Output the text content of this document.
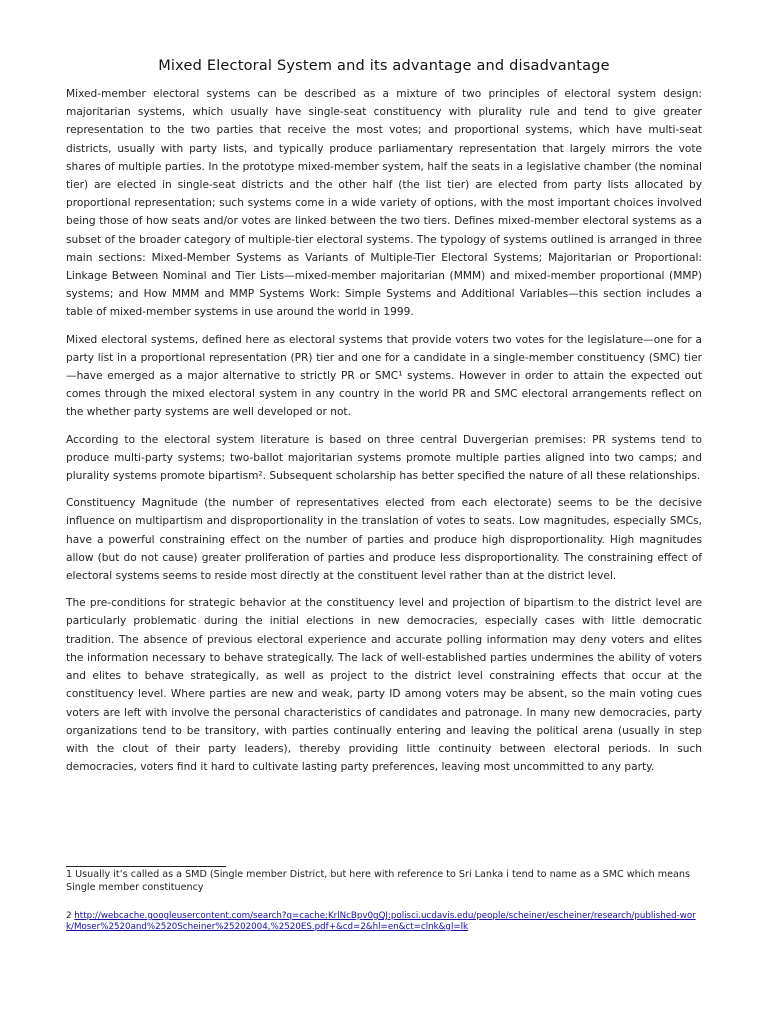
Mixed Electoral System and its advantage and disadvantage

Mixed-member electoral systems can be described as a mixture of two principles of electoral system design: majoritarian systems, which usually have single-seat constituency with plurality rule and tend to give greater representation to the two parties that receive the most votes; and proportional systems, which have multi-seat districts, usually with party lists, and typically produce parliamentary representation that largely mirrors the vote shares of multiple parties. In the prototype mixed-member system, half the seats in a legislative chamber (the nominal tier) are elected in single-seat districts and the other half (the list tier) are elected from party lists allocated by proportional representation; such systems come in a wide variety of options, with the most important choices involved being those of how seats and/or votes are linked between the two tiers. Defines mixed-member electoral systems as a subset of the broader category of multiple-tier electoral systems. The typology of systems outlined is arranged in three main sections: Mixed-Member Systems as Variants of Multiple-Tier Electoral Systems; Majoritarian or Proportional: Linkage Between Nominal and Tier Lists—mixed-member majoritarian (MMM) and mixed-member proportional (MMP) systems; and How MMM and MMP Systems Work: Simple Systems and Additional Variables—this section includes a table of mixed-member systems in use around the world in 1999.

Mixed electoral systems, defined here as electoral systems that provide voters two votes for the legislature—one for a party list in a proportional representation (PR) tier and one for a candidate in a single-member constituency (SMC) tier—have emerged as a major alternative to strictly PR or SMC¹ systems. However in order to attain the expected out comes through the mixed electoral system in any country in the world PR and SMC electoral arrangements reflect on the whether party systems are well developed or not.

According to the electoral system literature is based on three central Duvergerian premises: PR systems tend to produce multi-party systems; two-ballot majoritarian systems promote multiple parties aligned into two camps; and plurality systems promote bipartism². Subsequent scholarship has better specified the nature of all these relationships.

Constituency Magnitude (the number of representatives elected from each electorate) seems to be the decisive influence on multipartism and disproportionality in the translation of votes to seats. Low magnitudes, especially SMCs, have a powerful constraining effect on the number of parties and produce high disproportionality. High magnitudes allow (but do not cause) greater proliferation of parties and produce less disproportionality. The constraining effect of electoral systems seems to reside most directly at the constituent level rather than at the district level.

The pre-conditions for strategic behavior at the constituency level and projection of bipartism to the district level are particularly problematic during the initial elections in new democracies, especially cases with little democratic tradition. The absence of previous electoral experience and accurate polling information may deny voters and elites the information necessary to behave strategically. The lack of well-established parties undermines the ability of voters and elites to behave strategically, as well as project to the district level constraining effects that occur at the constituency level. Where parties are new and weak, party ID among voters may be absent, so the main voting cues voters are left with involve the personal characteristics of candidates and patronage. In many new democracies, party organizations tend to be transitory, with parties continually entering and leaving the political arena (usually in step with the clout of their party leaders), thereby providing little continuity between electoral periods. In such democracies, voters find it hard to cultivate lasting party preferences, leaving most uncommitted to any party.

1 Usually it’s called as a SMD (Single member District, but here with reference to Sri Lanka i tend to name as a SMC which means Single member constituency
2 http://webcache.googleusercontent.com/search?q=cache:KrlNcBpv0gQJ:polisci.ucdavis.edu/people/scheiner/escheiner/research/published-work/Moser%2520and%2520Scheiner%25202004,%2520ES.pdf+&cd=2&hl=en&ct=clnk&gl=lk
